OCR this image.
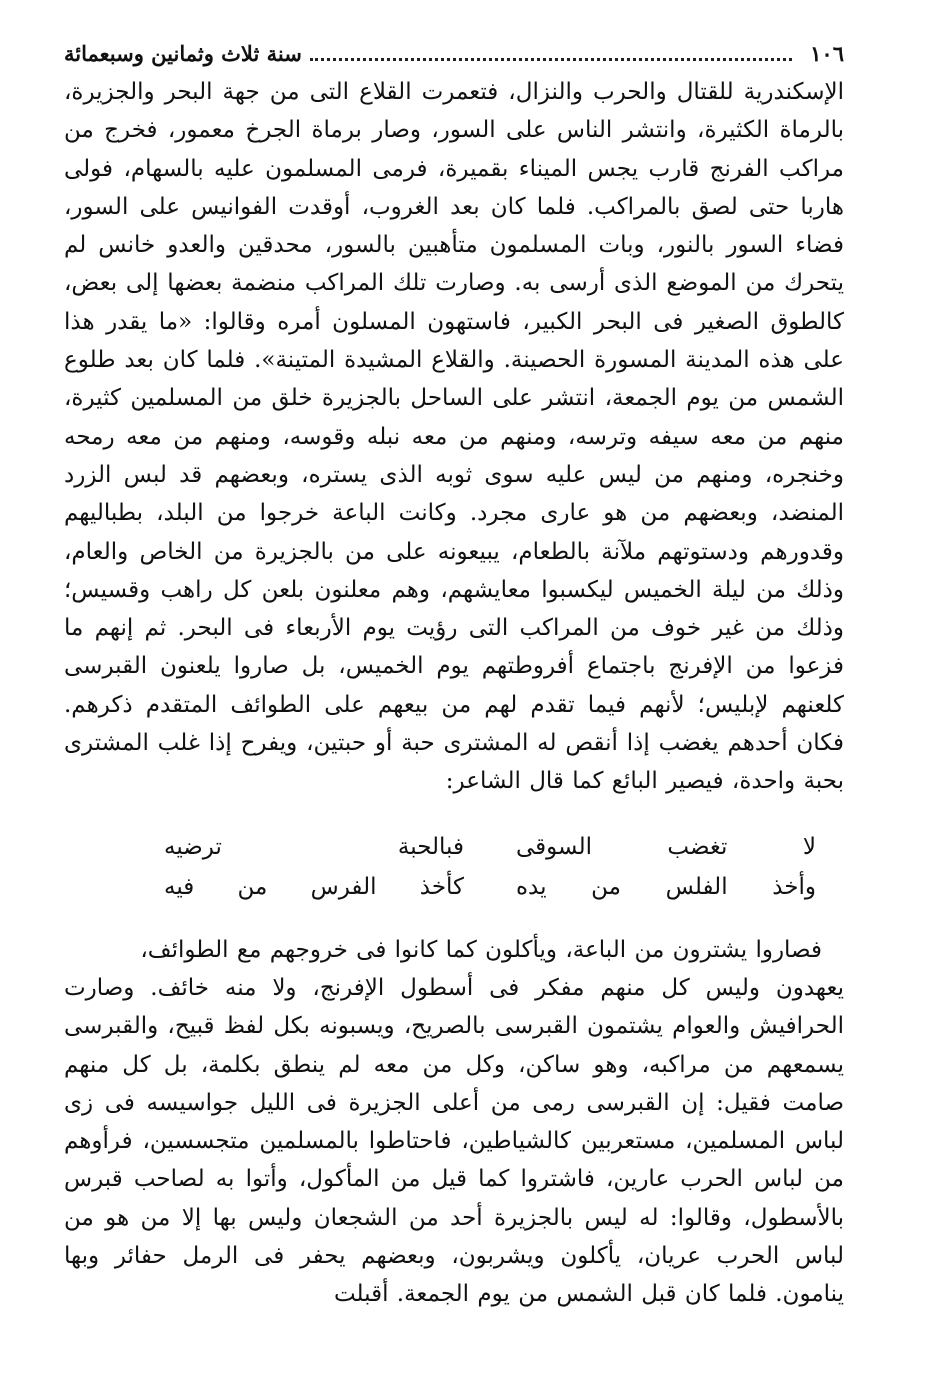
١٠٦
سنة ثلاث وثمانين وسبعمائة

الإسكندرية للقتال والحرب والنزال، فتعمرت القلاع التى من جهة البحر والجزيرة، بالرماة الكثيرة، وانتشر الناس على السور، وصار برماة الجرخ معمور، فخرج من مراكب الفرنج قارب يجس الميناء بقميرة، فرمى المسلمون عليه بالسهام، فولى هاربا حتى لصق بالمراكب. فلما كان بعد الغروب، أوقدت الفوانيس على السور، فضاء السور بالنور، وبات المسلمون متأهبين بالسور، محدقين والعدو خانس لم يتحرك من الموضع الذى أرسى به. وصارت تلك المراكب منضمة بعضها إلى بعض، كالطوق الصغير فى البحر الكبير، فاستهون المسلون أمره وقالوا: «ما يقدر هذا على هذه المدينة المسورة الحصينة. والقلاع المشيدة المتينة». فلما كان بعد طلوع الشمس من يوم الجمعة، انتشر على الساحل بالجزيرة خلق من المسلمين كثيرة، منهم من معه سيفه وترسه، ومنهم من معه نبله وقوسه، ومنهم من معه رمحه وخنجره، ومنهم من ليس عليه سوى ثوبه الذى يستره، وبعضهم قد لبس الزرد المنضد، وبعضهم من هو عارى مجرد. وكانت الباعة خرجوا من البلد، بطباليهم وقدورهم ودستوتهم ملآنة بالطعام، يبيعونه على من بالجزيرة من الخاص والعام، وذلك من ليلة الخميس ليكسبوا معايشهم، وهم معلنون بلعن كل راهب وقسيس؛ وذلك من غير خوف من المراكب التى رؤيت يوم الأربعاء فى البحر. ثم إنهم ما فزعوا من الإفرنج باجتماع أفروطتهم يوم الخميس، بل صاروا يلعنون القبرسى كلعنهم لإبليس؛ لأنهم فيما تقدم لهم من بيعهم على الطوائف المتقدم ذكرهم. فكان أحدهم يغضب إذا أنقص له المشترى حبة أو حبتين، ويفرح إذا غلب المشترى بحبة واحدة، فيصير البائع كما قال الشاعر:

لا تغضب السوقى
فبالحبة ترضيه
وأخذ الفلس من يده
كأخذ الفرس من فيه

فصاروا يشترون من الباعة، ويأكلون كما كانوا فى خروجهم مع الطوائف،

يعهدون وليس كل منهم مفكر فى أسطول الإفرنج، ولا منه خائف. وصارت الحرافيش والعوام يشتمون القبرسى بالصريح، ويسبونه بكل لفظ قبيح، والقبرسى يسمعهم من مراكبه، وهو ساكن، وكل من معه لم ينطق بكلمة، بل كل منهم صامت فقيل: إن القبرسى رمى من أعلى الجزيرة فى الليل جواسيسه فى زى لباس المسلمين، مستعربين كالشياطين، فاحتاطوا بالمسلمين متجسسين، فرأوهم من لباس الحرب عارين، فاشتروا كما قيل من المأكول، وأتوا به لصاحب قبرس بالأسطول، وقالوا: له ليس بالجزيرة أحد من الشجعان وليس بها إلا من هو من لباس الحرب عريان، يأكلون ويشربون، وبعضهم يحفر فى الرمل حفائر وبها ينامون. فلما كان قبل الشمس من يوم الجمعة. أقبلت
